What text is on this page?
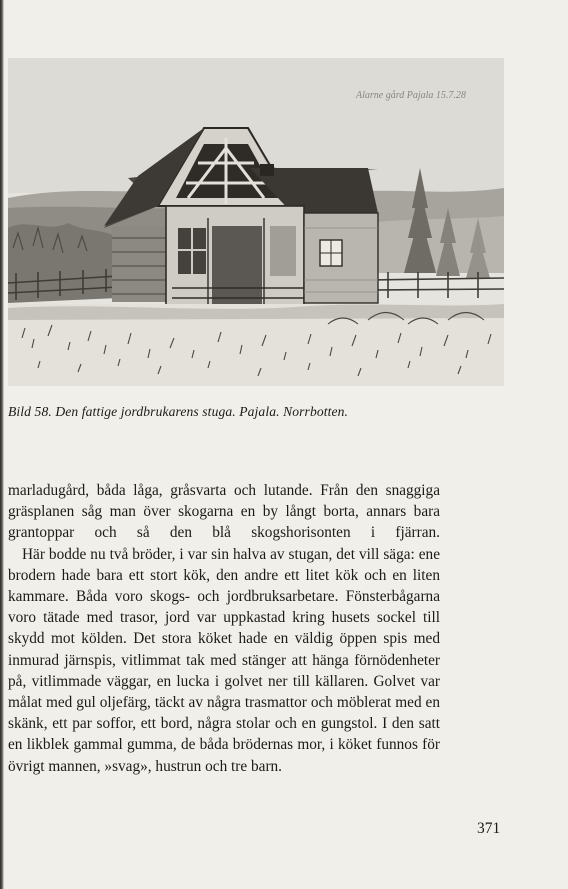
Alarne gård Pajala 15.7.28
Bild 58. Den fattige jordbrukarens stuga. Pajala. Norrbotten.

marladugård, båda låga, gråsvarta och lutande. Från den snaggiga gräsplanen såg man över skogarna en by långt borta, annars bara grantoppar och så den blå skogshorisonten i fjärran.

Här bodde nu två bröder, i var sin halva av stugan, det vill säga: ene brodern hade bara ett stort kök, den andre ett litet kök och en liten kammare. Båda voro skogs- och jordbruksarbetare. Fönsterbågarna voro tätade med trasor, jord var uppkastad kring husets sockel till skydd mot kölden. Det stora köket hade en väldig öppen spis med inmurad järnspis, vitlimmat tak med stänger att hänga förnödenheter på, vitlimmade väggar, en lucka i golvet ner till källaren. Golvet var målat med gul oljefärg, täckt av några trasmattor och möblerat med en skänk, ett par soffor, ett bord, några stolar och en gungstol. I den satt en likblek gammal gumma, de båda brödernas mor, i köket funnos för övrigt mannen, »svag», hustrun och tre barn.

371
